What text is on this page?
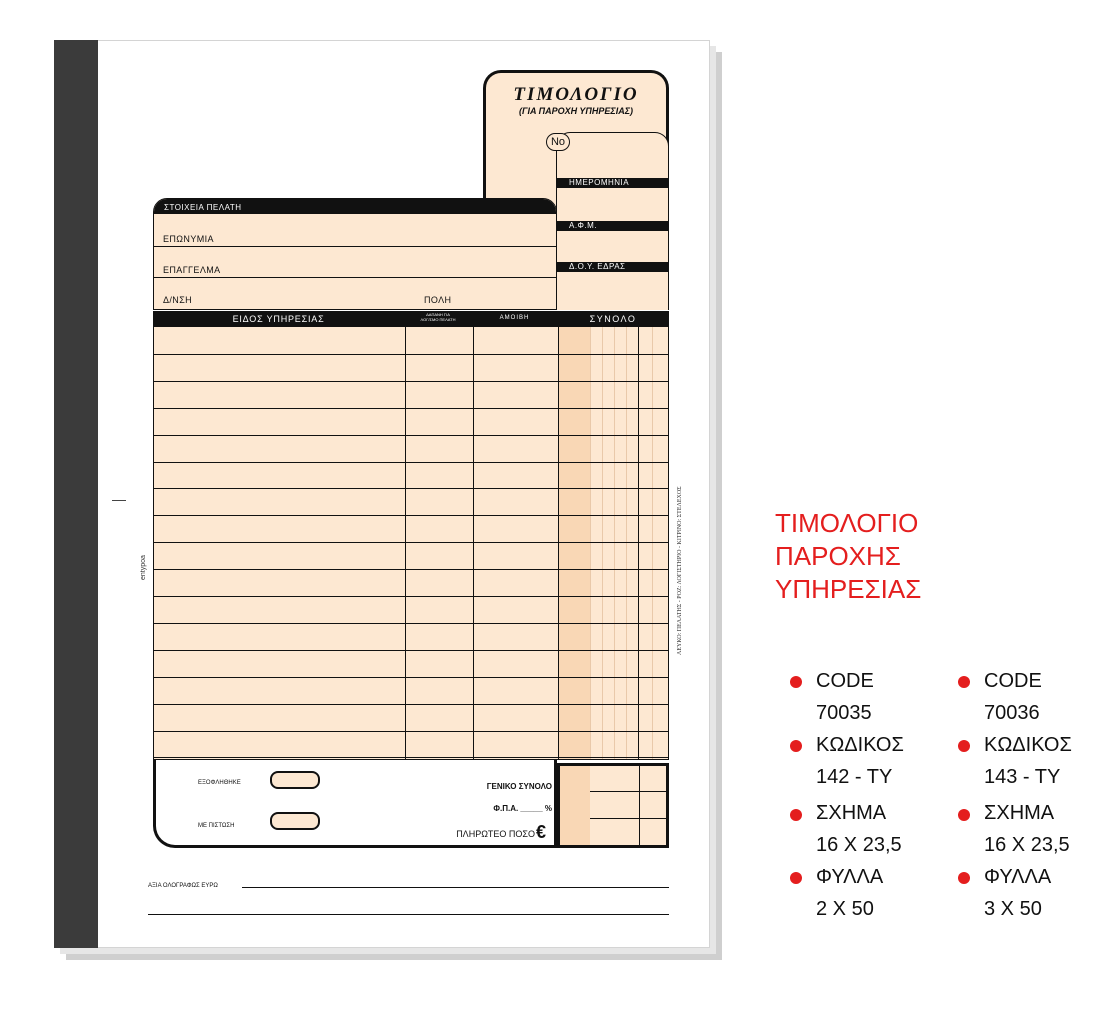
entypoa
ΤΙΜΟΛΟΓΙΟ
(ΓΙΑ ΠΑΡΟΧΗ ΥΠΗΡΕΣΙΑΣ)
No
ΗΜΕΡΟΜΗΝΙΑ
Α.Φ.Μ.
Δ.Ο.Υ. ΕΔΡΑΣ
ΣΤΟΙΧΕΙΑ ΠΕΛΑΤΗ
ΕΠΩΝΥΜΙΑ
ΕΠΑΓΓΕΛΜΑ
Δ/ΝΣΗ	ΠΟΛΗ
ΕΙΔΟΣ ΥΠΗΡΕΣΙΑΣ	ΔΑΠΑΝΗ ΓΙΑ
ΛΟΓ/ΣΜΟ ΠΕΛΑΤΗ	ΑΜΟΙΒΗ	ΣΥΝΟΛΟ
ΕΞΟΦΛΗΘΗΚΕ
ΜΕ ΠΙΣΤΩΣΗ
ΓΕΝΙΚΟ ΣΥΝΟΛΟ
Φ.Π.Α. _____ %
ΠΛΗΡΩΤΕΟ ΠΟΣΟ €
ΑΞΙΑ ΟΛΟΓΡΑΦΩΣ ΕΥΡΩ
ΛΕΥΚΟ: ΠΕΛΑΤΗΣ - ΡΟΖ: ΛΟΓΙΣΤΗΡΙΟ - ΚΙΤΡΙΝΟ: ΣΤΕΛΕΧΟΣ	ΤΙΜΟΛΟΓΙΟ
ΠΑΡΟΧΗΣ
ΥΠΗΡΕΣΙΑΣ
CODE
70035
ΚΩΔΙΚΟΣ
142 - ΤΥ
ΣΧΗΜΑ
16 Χ 23,5
ΦΥΛΛΑ
2 Χ 50
CODE
70036
ΚΩΔΙΚΟΣ
143 - ΤΥ
ΣΧΗΜΑ
16 Χ 23,5
ΦΥΛΛΑ
3 Χ 50
